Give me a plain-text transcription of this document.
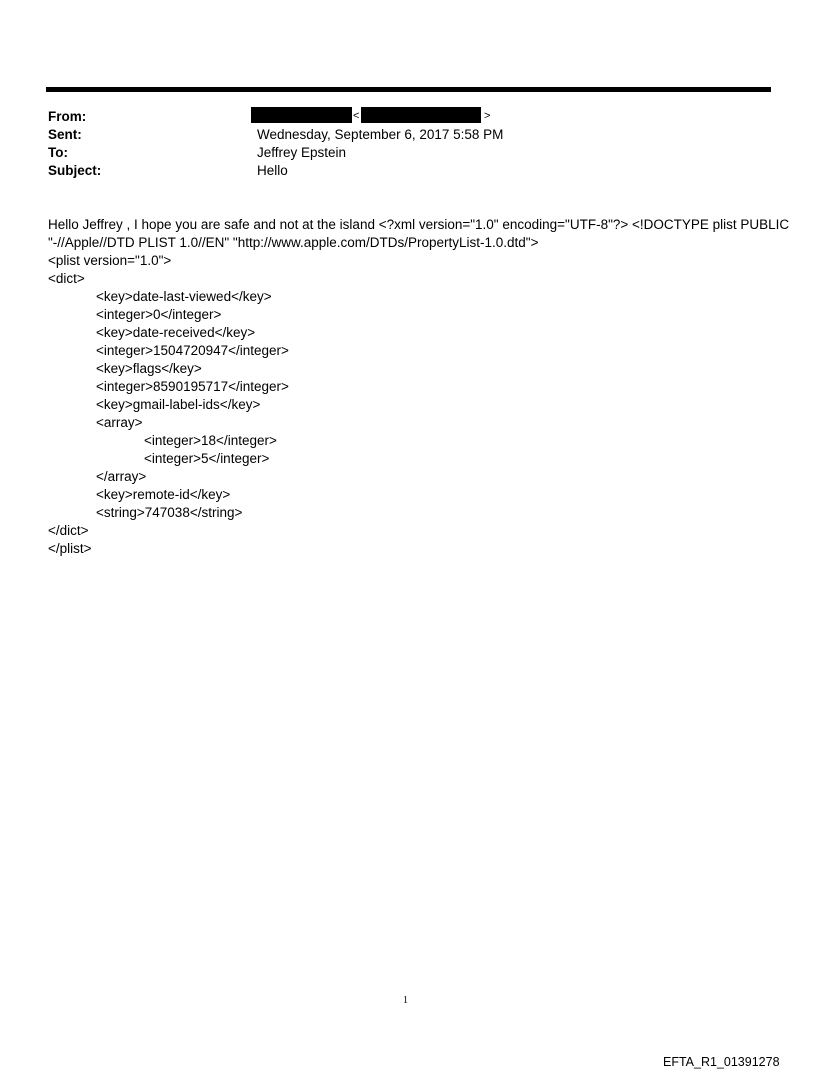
From:	<	>
Sent:	Wednesday, September 6, 2017 5:58 PM
To:	Jeffrey Epstein
Subject:	Hello
Hello Jeffrey , I hope you are safe and not at the island <?xml version="1.0" encoding="UTF-8"?> <!DOCTYPE plist PUBLIC
"-//Apple//DTD PLIST 1.0//EN" "http://www.apple.com/DTDs/PropertyList-1.0.dtd">
<plist version="1.0">
<dict>
<key>date-last-viewed</key>
<integer>0</integer>
<key>date-received</key>
<integer>1504720947</integer>
<key>flags</key>
<integer>8590195717</integer>
<key>gmail-label-ids</key>
<array>
<integer>18</integer>
<integer>5</integer>
</array>
<key>remote-id</key>
<string>747038</string>
</dict>
</plist>
1
EFTA_R1_01391278
